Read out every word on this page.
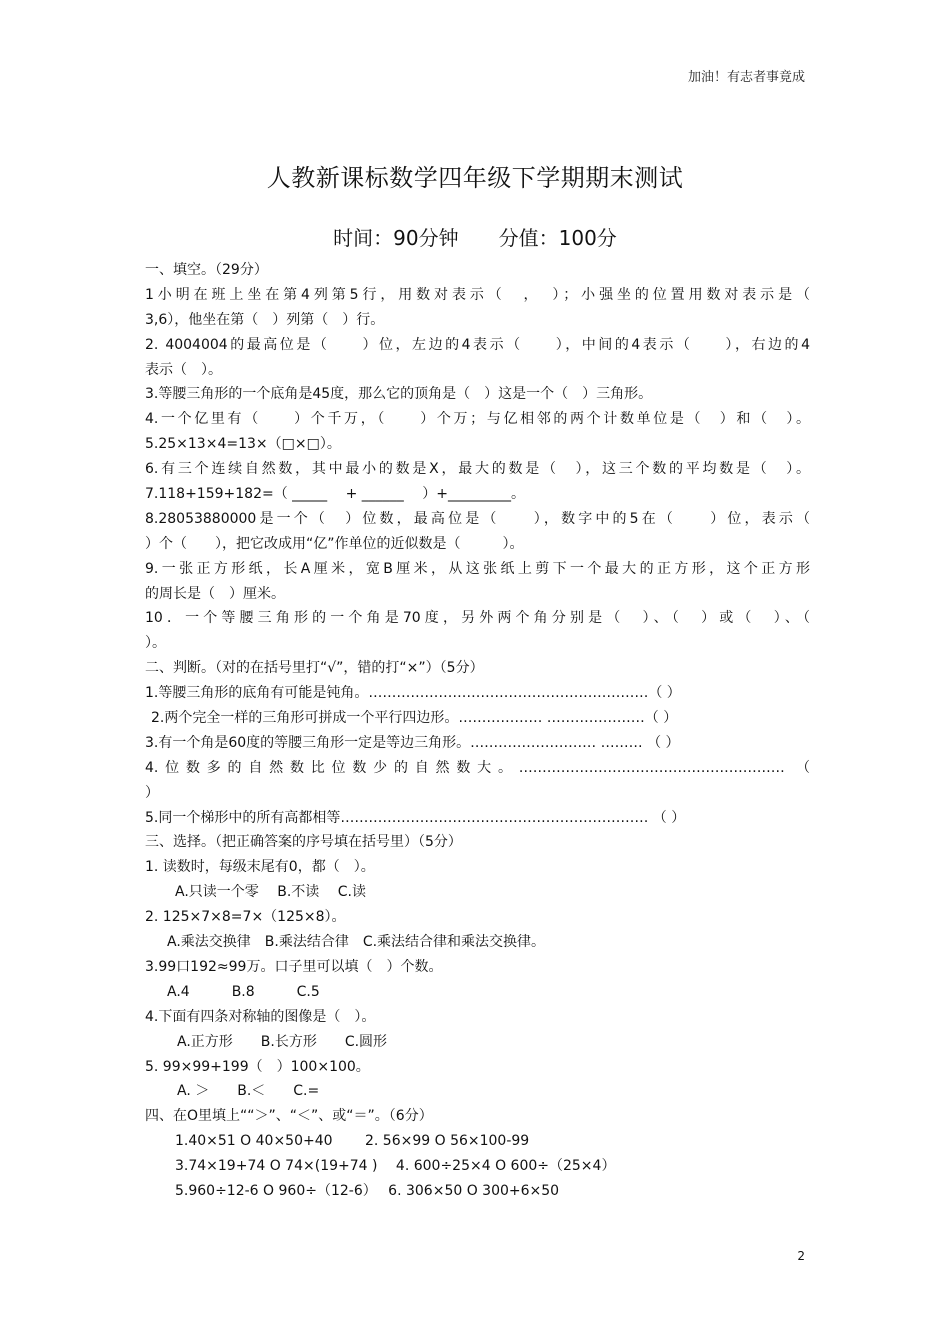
加油！有志者事竟成
人教新课标数学四年级下学期期末测试
时间：90分钟 分值：100分
一、填空。（29分）
1小明在班上坐在第4列第5行，用数对表示（　，　）；小强坐的位置用数对表示是（
3,6），他坐在第（　）列第（　）行。
2. 4004004的最高位是（　　）位，左边的4表示（　　），中间的4表示（　　），右边的4
表示（　）。
3.等腰三角形的一个底角是45度，那么它的顶角是（　）这是一个（　）三角形。
4.一个亿里有（　　）个千万，（　　）个万；与亿相邻的两个计数单位是（　）和（　）。
5.25×13×4=13×（□×□）。
6.有三个连续自然数，其中最小的数是X，最大的数是（　），这三个数的平均数是（　）。
7.118+159+182=（ _____　 + ______　 ）+_________。
8.28053880000是一个（　）位数，最高位是（　　），数字中的5在（　　）位，表示（
）个（　　），把它改成用“亿”作单位的近似数是（　　　）。
9.一张正方形纸，长A厘米，宽B厘米，从这张纸上剪下一个最大的正方形，这个正方形
的周长是（　）厘米。
10．一个等腰三角形的一个角是70度，另外两个角分别是（　）、（　）或（　）、（
）。
二、判断。（对的在括号里打“√”，错的打“×”）（5分）
1.等腰三角形的底角有可能是钝角。……………………………………………………（ ）
2.两个完全一样的三角形可拼成一个平行四边形。……………… …………………（ ）
3.有一个角是60度的等腰三角形一定是等边三角形。……………………… ……… （ ）
4.位数多的自然数比位数少的自然数大。………………………………………………… （
）
5.同一个梯形中的所有高都相等………………………………………………………… （ ）
三、选择。（把正确答案的序号填在括号里）（5分）
1. 读数时，每级末尾有0，都（　）。
A.只读一个零　 B.不读　 C.读
2. 125×7×8=7×（125×8）。
A.乘法交换律　B.乘法结合律　C.乘法结合律和乘法交换律。
3.99口192≈99万。口子里可以填（　）个数。
A.4　　　B.8　　　C.5
4.下面有四条对称轴的图像是（　）。
A.正方形　　B.长方形　　C.圆形
5. 99×99+199（　）100×100。
A. ＞　　B.＜　　C.=
四、在O里填上““＞”、“＜”、或“＝”。（6分）
1.40×51 O 40×50+40　　 2. 56×99 O 56×100-99
3.74×19+74 O 74×(19+74 )　 4. 600÷25×4 O 600÷（25×4）
5.960÷12-6 O 960÷（12-6）　 6. 306×50 O 300+6×50
2
